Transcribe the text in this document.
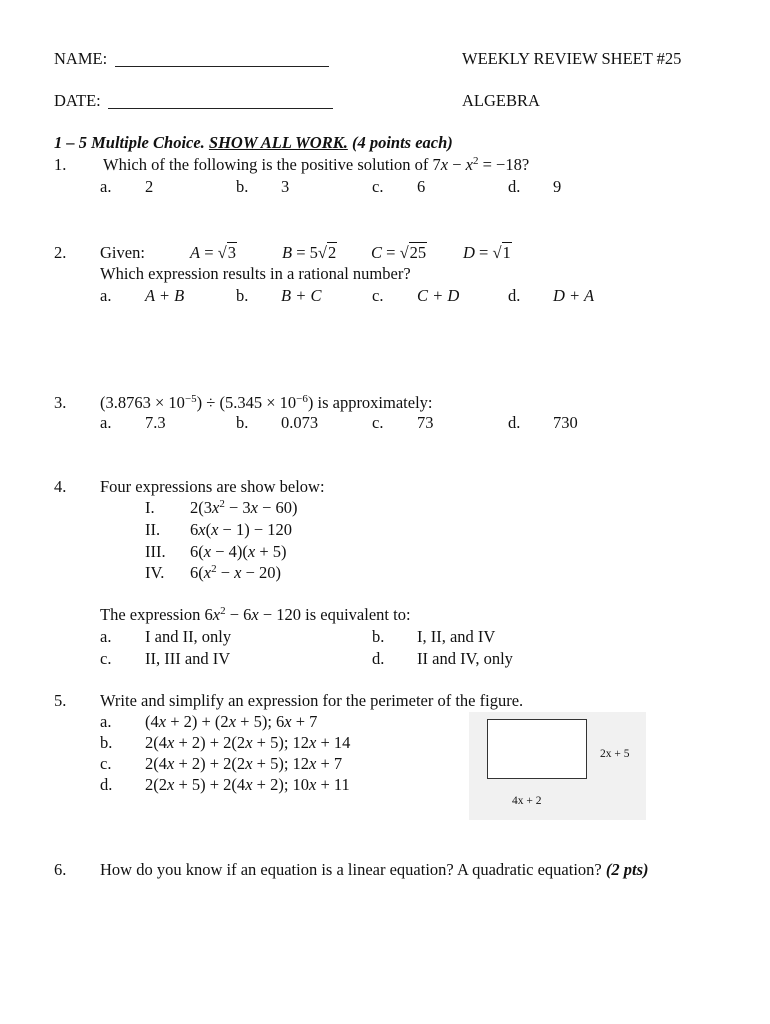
NAME:	WEEKLY REVIEW SHEET #25
DATE:	ALGEBRA
1 – 5 Multiple Choice. SHOW ALL WORK. (4 points each)
1. Which of the following is the positive solution of $7x - x^2 = -18$?
a. 2	b. 3	c. 6	d. 9
2. Given:	A = √3	B = 5√2 C = √25 D = √1
Which expression results in a rational number?
a. A + B	b. B + C	c. C + D	d. D + A
3. $(3.8763 \times 10^{-5}) \div (5.345 \times 10^{-6})$ is approximately:
a. 7.3	b. 0.073	c. 73	d. 730
4. Four expressions are show below:
I. $2(3x^2 - 3x - 60)$
II. 6x(x − 1) − 120
III. 6(x − 4)(x + 5)
IV. $6(x^2 - x - 20)$
The expression $6x^2 - 6x - 120$ is equivalent to:
a. I and II, only	b. I, II, and IV
c. II, III and IV	d. II and IV, only
5. Write and simplify an expression for the perimeter of the figure.
a. (4x + 2) + (2x + 5); 6x + 7
b. 2(4x + 2) + 2(2x + 5); 12x + 14
c. 2(4x + 2) + 2(2x + 5); 12x + 7
d. 2(2x + 5) + 2(4x + 2); 10x + 11
2x + 5
4x + 2
6. How do you know if an equation is a linear equation? A quadratic equation? (2 pts)
